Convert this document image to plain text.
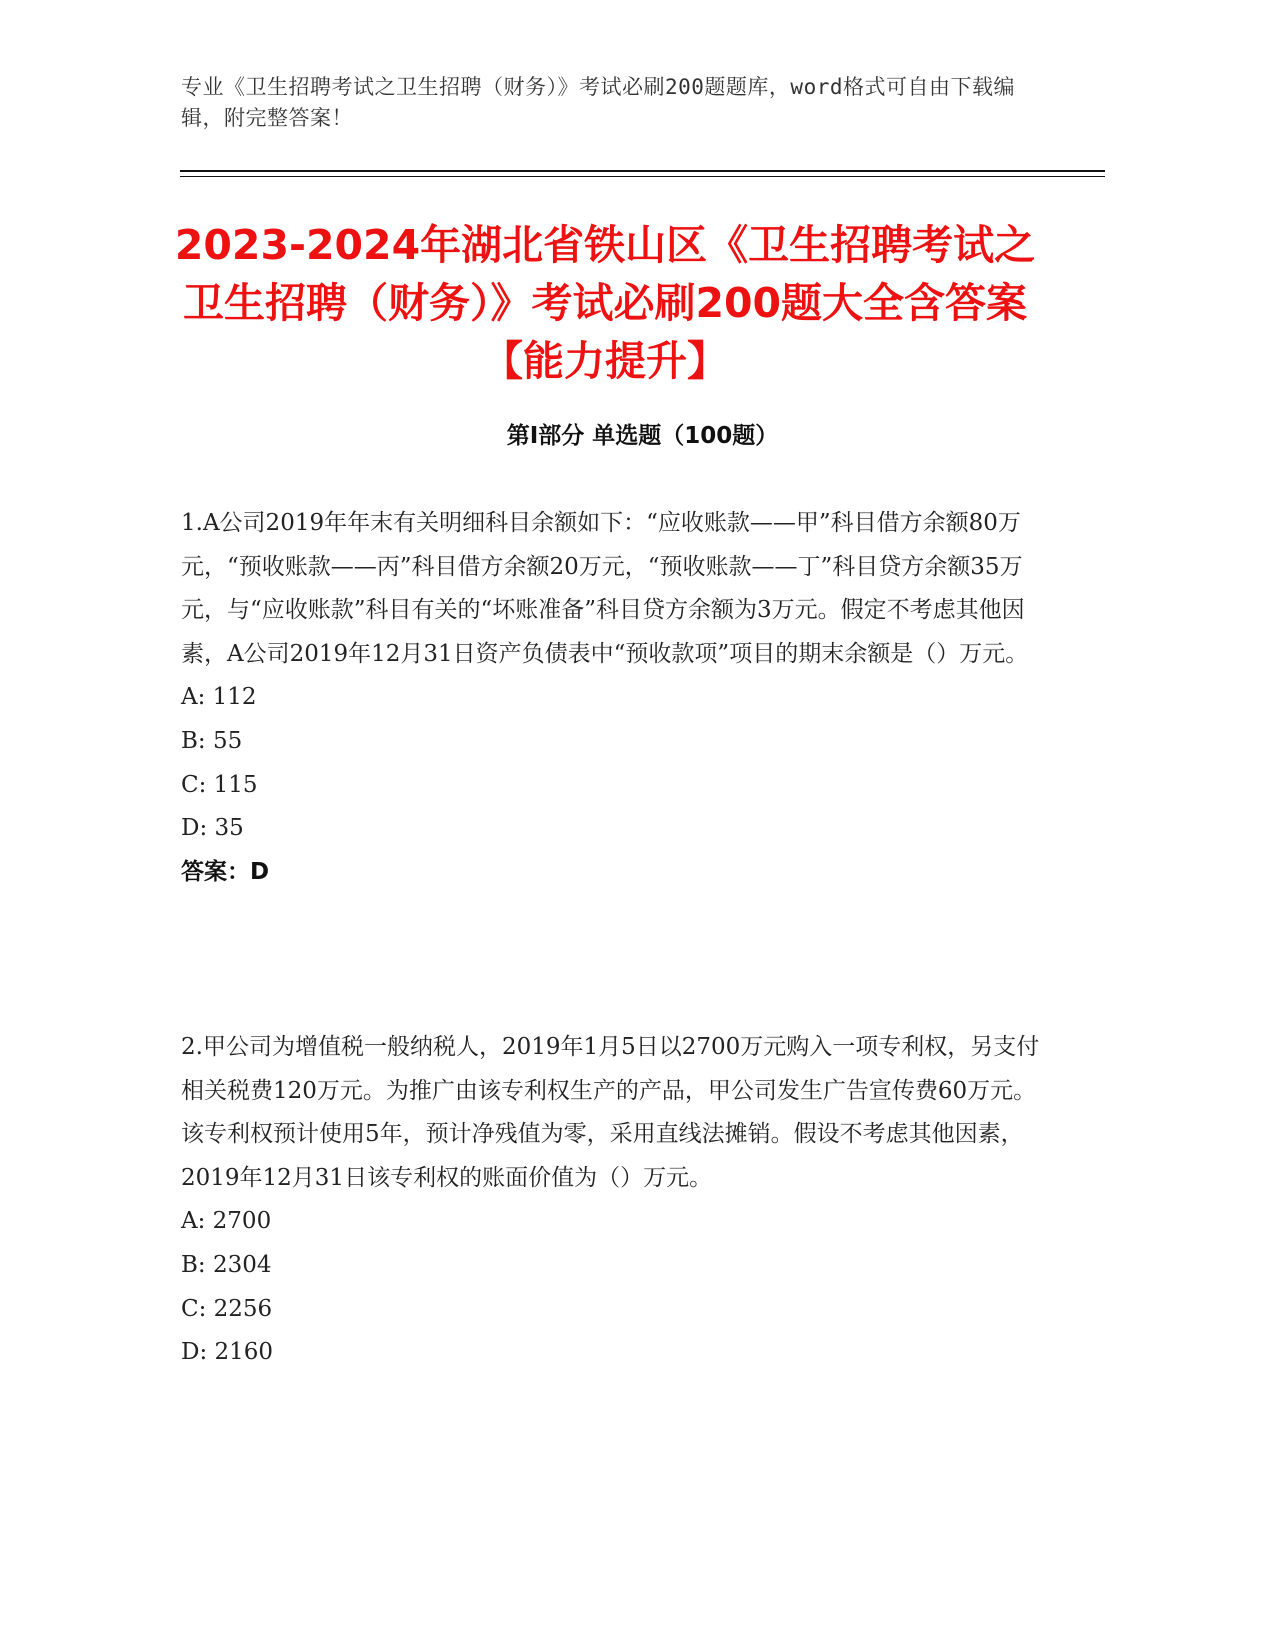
专业《卫生招聘考试之卫生招聘（财务）》考试必刷200题题库，word格式可自由下载编辑，附完整答案！
2023-2024年湖北省铁山区《卫生招聘考试之卫生招聘（财务）》考试必刷200题大全含答案【能力提升】
第Ⅰ部分 单选题（100题）

1.A公司2019年年末有关明细科目余额如下：“应收账款——甲”科目借方余额80万元，“预收账款——丙”科目借方余额20万元，“预收账款——丁”科目贷方余额35万元，与“应收账款”科目有关的“坏账准备”科目贷方余额为3万元。假定不考虑其他因素，A公司2019年12月31日资产负债表中“预收款项”项目的期末余额是（）万元。

A: 112

B: 55

C: 115

D: 35

答案：D

2.甲公司为增值税一般纳税人，2019年1月5日以2700万元购入一项专利权，另支付相关税费120万元。为推广由该专利权生产的产品，甲公司发生广告宣传费60万元。该专利权预计使用5年，预计净残值为零，采用直线法摊销。假设不考虑其他因素，2019年12月31日该专利权的账面价值为（）万元。

A: 2700

B: 2304

C: 2256

D: 2160
